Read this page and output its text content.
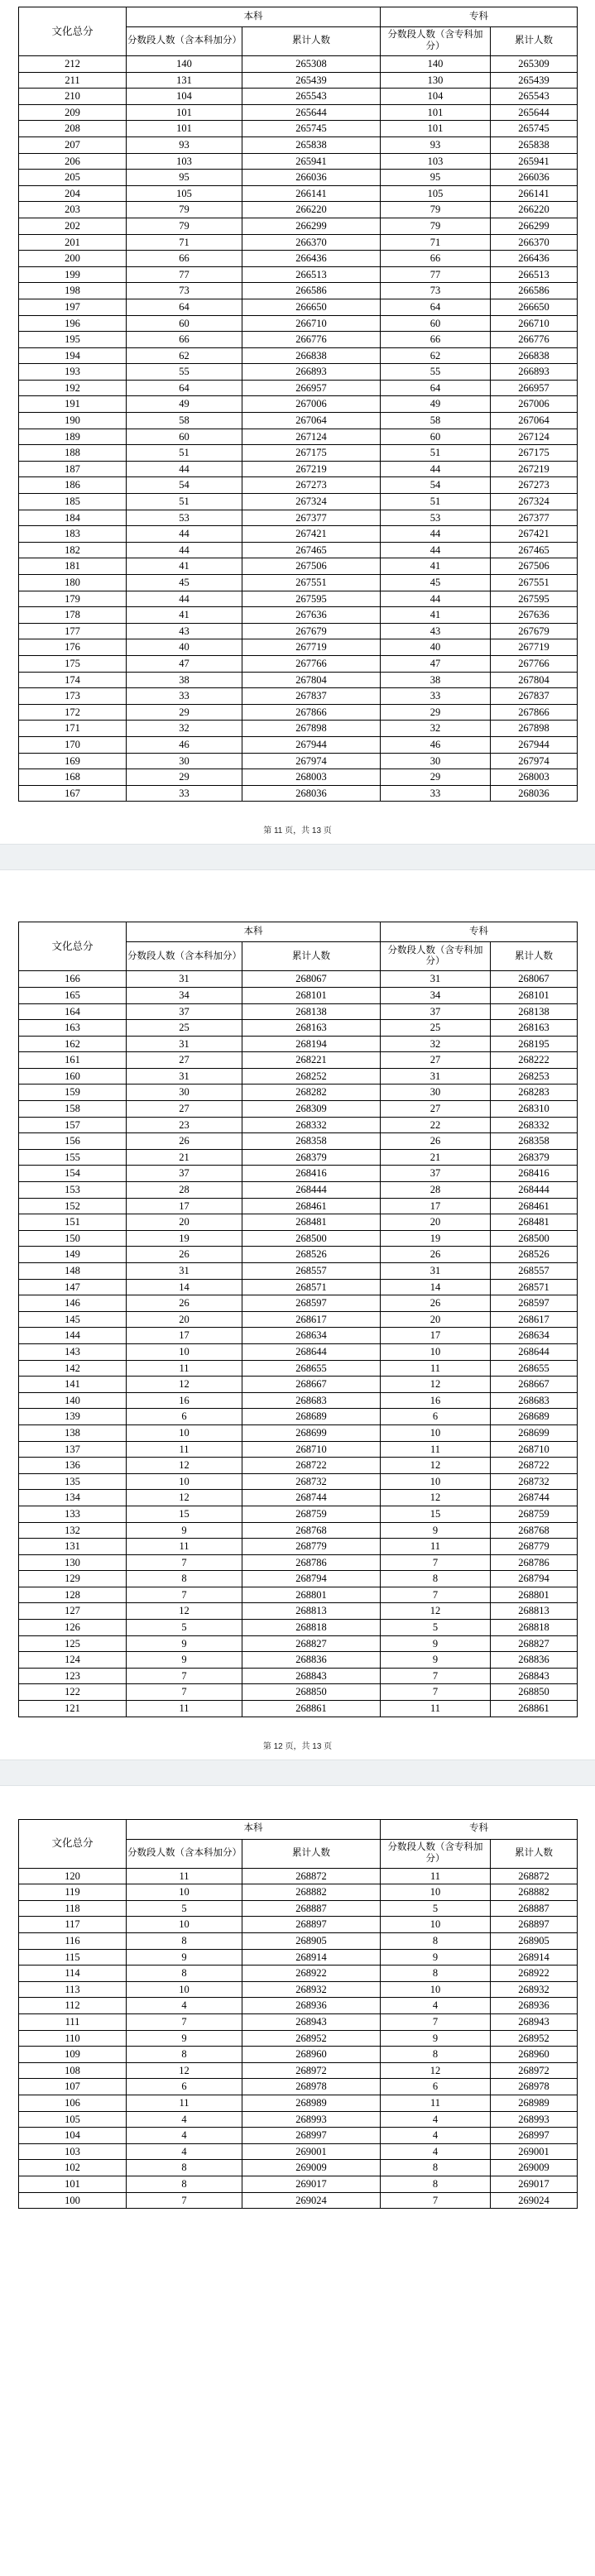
文化总分	本科		专科	
	分数段人数（含本科加分）	累计人数	分数段人数（含专科加分）	累计人数
212	140	265308	140	265309
211	131	265439	130	265439
210	104	265543	104	265543
209	101	265644	101	265644
208	101	265745	101	265745
207	93	265838	93	265838
206	103	265941	103	265941
205	95	266036	95	266036
204	105	266141	105	266141
203	79	266220	79	266220
202	79	266299	79	266299
201	71	266370	71	266370
200	66	266436	66	266436
199	77	266513	77	266513
198	73	266586	73	266586
197	64	266650	64	266650
196	60	266710	60	266710
195	66	266776	66	266776
194	62	266838	62	266838
193	55	266893	55	266893
192	64	266957	64	266957
191	49	267006	49	267006
190	58	267064	58	267064
189	60	267124	60	267124
188	51	267175	51	267175
187	44	267219	44	267219
186	54	267273	54	267273
185	51	267324	51	267324
184	53	267377	53	267377
183	44	267421	44	267421
182	44	267465	44	267465
181	41	267506	41	267506
180	45	267551	45	267551
179	44	267595	44	267595
178	41	267636	41	267636
177	43	267679	43	267679
176	40	267719	40	267719
175	47	267766	47	267766
174	38	267804	38	267804
173	33	267837	33	267837
172	29	267866	29	267866
171	32	267898	32	267898
170	46	267944	46	267944
169	30	267974	30	267974
168	29	268003	29	268003
167	33	268036	33	268036
第 11 页，共 13 页
文化总分	本科		专科	
	分数段人数（含本科加分）	累计人数	分数段人数（含专科加分）	累计人数
166	31	268067	31	268067
165	34	268101	34	268101
164	37	268138	37	268138
163	25	268163	25	268163
162	31	268194	32	268195
161	27	268221	27	268222
160	31	268252	31	268253
159	30	268282	30	268283
158	27	268309	27	268310
157	23	268332	22	268332
156	26	268358	26	268358
155	21	268379	21	268379
154	37	268416	37	268416
153	28	268444	28	268444
152	17	268461	17	268461
151	20	268481	20	268481
150	19	268500	19	268500
149	26	268526	26	268526
148	31	268557	31	268557
147	14	268571	14	268571
146	26	268597	26	268597
145	20	268617	20	268617
144	17	268634	17	268634
143	10	268644	10	268644
142	11	268655	11	268655
141	12	268667	12	268667
140	16	268683	16	268683
139	6	268689	6	268689
138	10	268699	10	268699
137	11	268710	11	268710
136	12	268722	12	268722
135	10	268732	10	268732
134	12	268744	12	268744
133	15	268759	15	268759
132	9	268768	9	268768
131	11	268779	11	268779
130	7	268786	7	268786
129	8	268794	8	268794
128	7	268801	7	268801
127	12	268813	12	268813
126	5	268818	5	268818
125	9	268827	9	268827
124	9	268836	9	268836
123	7	268843	7	268843
122	7	268850	7	268850
121	11	268861	11	268861
第 12 页，共 13 页
文化总分	本科		专科	
	分数段人数（含本科加分）	累计人数	分数段人数（含专科加分）	累计人数
120	11	268872	11	268872
119	10	268882	10	268882
118	5	268887	5	268887
117	10	268897	10	268897
116	8	268905	8	268905
115	9	268914	9	268914
114	8	268922	8	268922
113	10	268932	10	268932
112	4	268936	4	268936
111	7	268943	7	268943
110	9	268952	9	268952
109	8	268960	8	268960
108	12	268972	12	268972
107	6	268978	6	268978
106	11	268989	11	268989
105	4	268993	4	268993
104	4	268997	4	268997
103	4	269001	4	269001
102	8	269009	8	269009
101	8	269017	8	269017
100	7	269024	7	269024
